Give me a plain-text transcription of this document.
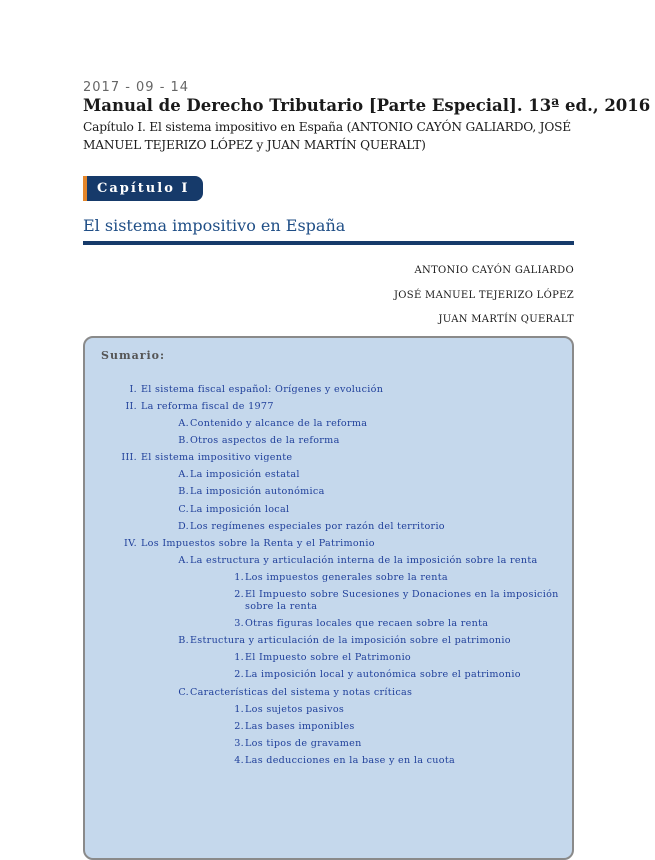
2017 - 09 - 14
Manual de Derecho Tributario [Parte Especial]. 13ª ed., 2016
Capítulo I. El sistema impositivo en España (ANTONIO CAYÓN GALIARDO, JOSÉ MANUEL TEJERIZO LÓPEZ y JUAN MARTÍN QUERALT)
Capítulo I
El sistema impositivo en España
ANTONIO CAYÓN GALIARDO
JOSÉ MANUEL TEJERIZO LÓPEZ
JUAN MARTÍN QUERALT
Sumario:
I. El sistema fiscal español: Orígenes y evolución
II. La reforma fiscal de 1977
A. Contenido y alcance de la reforma
B. Otros aspectos de la reforma
III. El sistema impositivo vigente
A. La imposición estatal
B. La imposición autonómica
C. La imposición local
D. Los regímenes especiales por razón del territorio
IV. Los Impuestos sobre la Renta y el Patrimonio
A. La estructura y articulación interna de la imposición sobre la renta
1. Los impuestos generales sobre la renta
2. El Impuesto sobre Sucesiones y Donaciones en la imposición
sobre la renta
3. Otras figuras locales que recaen sobre la renta
B. Estructura y articulación de la imposición sobre el patrimonio
1. El Impuesto sobre el Patrimonio
2. La imposición local y autonómica sobre el patrimonio
C. Características del sistema y notas críticas
1. Los sujetos pasivos
2. Las bases imponibles
3. Los tipos de gravamen
4. Las deducciones en la base y en la cuota
